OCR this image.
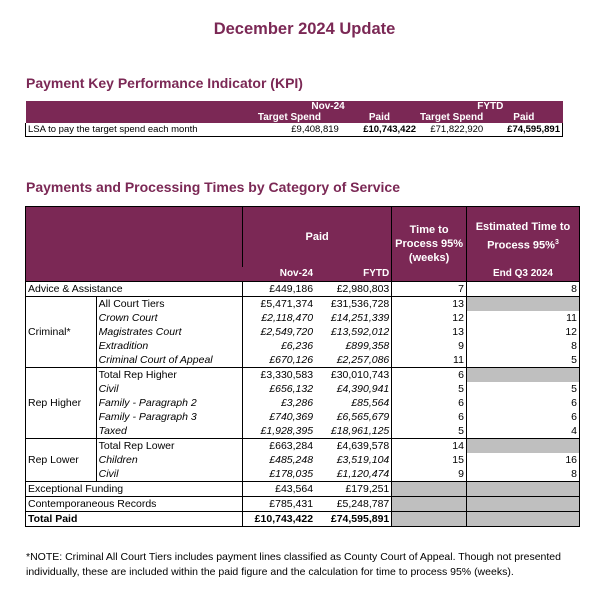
December 2024 Update
Payment Key Performance Indicator (KPI)
	Nov-24		FYTD	
	Target Spend	Paid	Target Spend	Paid
LSA to pay the target spend each month	£9,408,819	£10,743,422	£71,822,920	£74,595,891
Payments and Processing Times by Category of Service
		Paid		Time to Process 95% (weeks)	Estimated Time to Process 95%$^3$
		Nov-24	FYTD		End Q3 2024
Advice & Assistance		£449,186	£2,980,803	7	8
Criminal*	All Court Tiers	£5,471,374	£31,536,728	13	
	Crown Court	£2,118,470	£14,251,339	12	11
	Magistrates Court	£2,549,720	£13,592,012	13	12
	Extradition	£6,236	£899,358	9	8
	Criminal Court of Appeal	£670,126	£2,257,086	11	5
Rep Higher	Total Rep Higher	£3,330,583	£30,010,743	6	
	Civil	£656,132	£4,390,941	5	5
	Family - Paragraph 2	£3,286	£85,564	6	6
	Family - Paragraph 3	£740,369	£6,565,679	6	6
	Taxed	£1,928,395	£18,961,125	5	4
Rep Lower	Total Rep Lower	£663,284	£4,639,578	14	
	Children	£485,248	£3,519,104	15	16
	Civil	£178,035	£1,120,474	9	8
Exceptional Funding		£43,564	£179,251		
Contemporaneous Records		£785,431	£5,248,787		
Total Paid		£10,743,422	£74,595,891		
*NOTE: Criminal All Court Tiers includes payment lines classified as County Court of Appeal. Though not presented individually, these are included within the paid figure and the calculation for time to process 95% (weeks).
